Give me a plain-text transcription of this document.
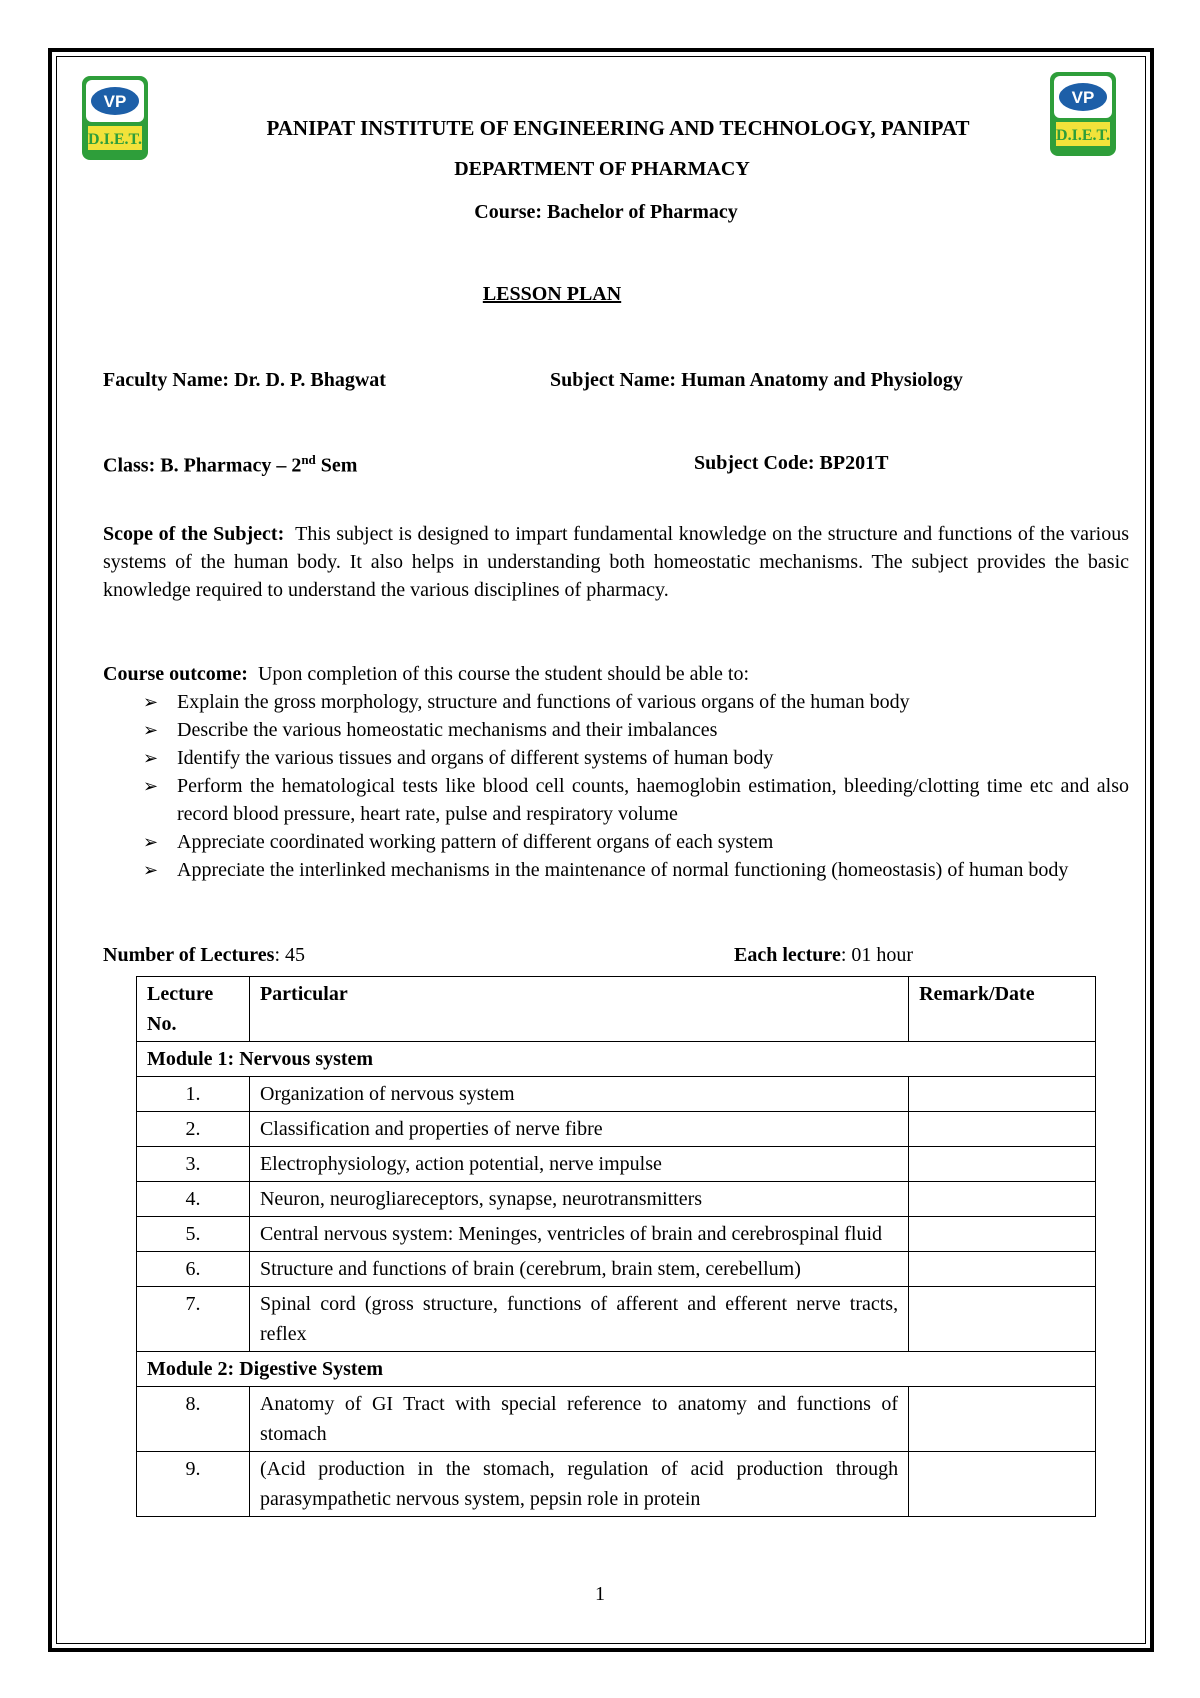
VP
D.I.E.T.
VP
D.I.E.T.
PANIPAT INSTITUTE OF ENGINEERING AND TECHNOLOGY, PANIPAT
DEPARTMENT OF PHARMACY
Course: Bachelor of Pharmacy
LESSON PLAN
Faculty Name: Dr. D. P. Bhagwat	Subject Name: Human Anatomy and Physiology
Class: B. Pharmacy – 2nd Sem	Subject Code: BP201T
Scope of the Subject: This subject is designed to impart fundamental knowledge on the structure and functions of the various systems of the human body. It also helps in understanding both homeostatic mechanisms. The subject provides the basic knowledge required to understand the various disciplines of pharmacy.
Course outcome: Upon completion of this course the student should be able to:
➢ Explain the gross morphology, structure and functions of various organs of the human body
➢ Describe the various homeostatic mechanisms and their imbalances
➢ Identify the various tissues and organs of different systems of human body
➢ Perform the hematological tests like blood cell counts, haemoglobin estimation, bleeding/clotting time etc and also record blood pressure, heart rate, pulse and respiratory volume
➢ Appreciate coordinated working pattern of different organs of each system
➢ Appreciate the interlinked mechanisms in the maintenance of normal functioning (homeostasis) of human body
Number of Lectures: 45	Each lecture: 01 hour
Lecture No.	Particular	Remark/Date
Module 1: Nervous system		
1.	Organization of nervous system	
2.	Classification and properties of nerve fibre	
3.	Electrophysiology, action potential, nerve impulse	
4.	Neuron, neurogliareceptors, synapse, neurotransmitters	
5.	Central nervous system: Meninges, ventricles of brain and cerebrospinal fluid	
6.	Structure and functions of brain (cerebrum, brain stem, cerebellum)	
7.	Spinal cord (gross structure, functions of afferent and efferent nerve tracts, reflex	
Module 2: Digestive System		
8.	Anatomy of GI Tract with special reference to anatomy and functions of stomach	
9.	(Acid production in the stomach, regulation of acid production through parasympathetic nervous system, pepsin role in protein	
1
